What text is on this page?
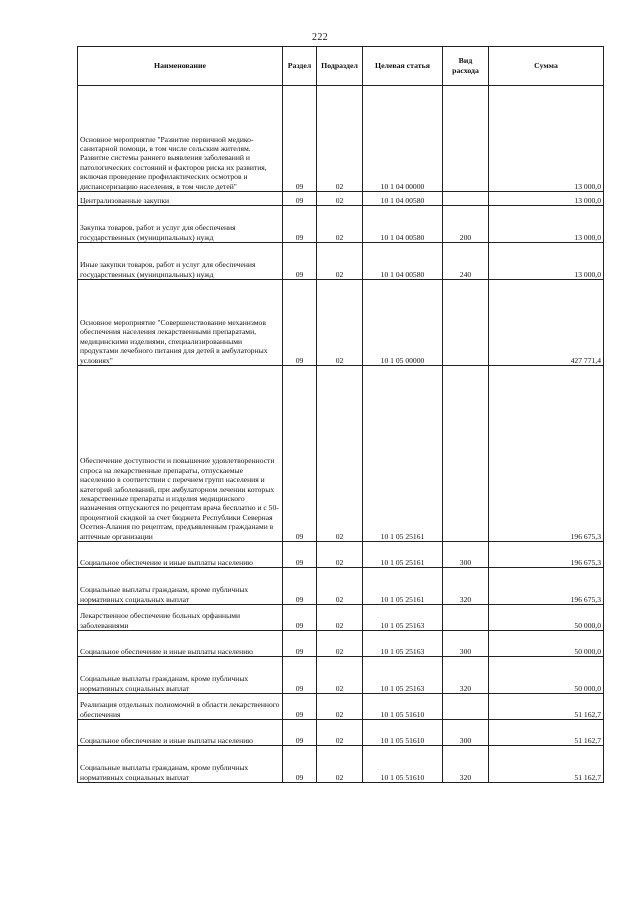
222
Наименование	Раздел	Подраздел	Целевая статья	Вид расхода	Сумма
Основное мероприятие "Развитие первичной медико-санитарной помощи, в том числе сельским жителям. Развитие системы раннего выявления заболеваний и патологических состояний и факторов риска их развития, включая проведение профилактических осмотров и диспансеризацию населения, в том числе детей"	09	02	10 1 04 00000		13 000,0
Централизованные закупки	09	02	10 1 04 00580		13 000,0
Закупка товаров, работ и услуг для обеспечения государственных (муниципальных) нужд	09	02	10 1 04 00580	200	13 000,0
Иные закупки товаров, работ и услуг для обеспечения государственных (муниципальных) нужд	09	02	10 1 04 00580	240	13 000,0
Основное мероприятие "Совершенствование механизмов обеспечения населения лекарственными препаратами, медицинскими изделиями, специализированными продуктами лечебного питания для детей в амбулаторных условиях"	09	02	10 1 05 00000		427 771,4
Обеспечение доступности и повышение удовлетворенности спроса на лекарственные препараты, отпускаемые населению в соответствии с перечнем групп населения и категорий заболеваний, при амбулаторном лечении которых лекарственные препараты и изделия медицинского назначения отпускаются по рецептам врача бесплатно и с 50-процентной скидкой за счет бюджета Республики Северная Осетия-Алания по рецептам, предъявленным гражданами в аптечные организации	09	02	10 1 05 25161		196 675,3
Социальное обеспечение и иные выплаты населению	09	02	10 1 05 25161	300	196 675,3
Социальные выплаты гражданам, кроме публичных нормативных социальных выплат	09	02	10 1 05 25161	320	196 675,3
Лекарственное обеспечение больных орфанными заболеваниями	09	02	10 1 05 25163		50 000,0
Социальное обеспечение и иные выплаты населению	09	02	10 1 05 25163	300	50 000,0
Социальные выплаты гражданам, кроме публичных нормативных социальных выплат	09	02	10 1 05 25163	320	50 000,0
Реализация отдельных полномочий в области лекарственного обеспечения	09	02	10 1 05 51610		51 162,7
Социальное обеспечение и иные выплаты населению	09	02	10 1 05 51610	300	51 162,7
Социальные выплаты гражданам, кроме публичных нормативных социальных выплат	09	02	10 1 05 51610	320	51 162,7
